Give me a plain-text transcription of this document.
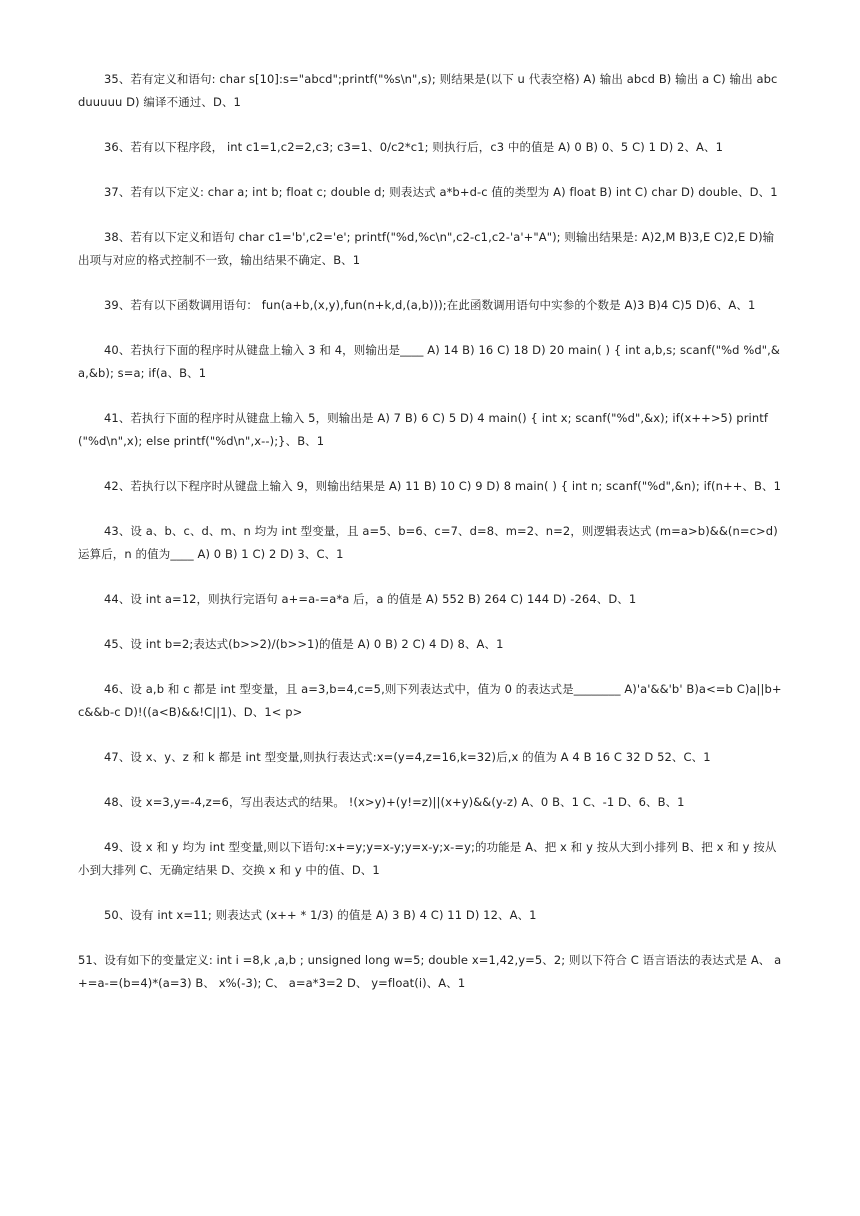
35、若有定义和语句: char s[10]:s="abcd";printf("%s\n",s); 则结果是(以下 u 代表空格) A) 输出 abcd B) 输出 a C) 输出 abcduuuuu D) 编译不通过、D、1

36、若有以下程序段， int c1=1,c2=2,c3; c3=1、0/c2*c1; 则执行后，c3 中的值是 A) 0 B) 0、5 C) 1 D) 2、A、1

37、若有以下定义: char a; int b; float c; double d; 则表达式 a*b+d-c 值的类型为 A) float B) int C) char D) double、D、1

38、若有以下定义和语句 char c1='b',c2='e'; printf("%d,%c\n",c2-c1,c2-'a'+"A"); 则输出结果是: A)2,M B)3,E C)2,E D)输出项与对应的格式控制不一致，输出结果不确定、B、1

39、若有以下函数调用语句： fun(a+b,(x,y),fun(n+k,d,(a,b)));在此函数调用语句中实参的个数是 A)3 B)4 C)5 D)6、A、1

40、若执行下面的程序时从键盘上输入 3 和 4，则输出是____ A) 14 B) 16 C) 18 D) 20 main( ) { int a,b,s; scanf("%d %d",&a,&b); s=a; if(a、B、1

41、若执行下面的程序时从键盘上输入 5，则输出是 A) 7 B) 6 C) 5 D) 4 main() { int x; scanf("%d",&x); if(x++>5) printf("%d\n",x); else printf("%d\n",x--);}、B、1

42、若执行以下程序时从键盘上输入 9，则输出结果是 A) 11 B) 10 C) 9 D) 8 main( ) { int n; scanf("%d",&n); if(n++、B、1

43、设 a、b、c、d、m、n 均为 int 型变量，且 a=5、b=6、c=7、d=8、m=2、n=2，则逻辑表达式 (m=a>b)&&(n=c>d)运算后，n 的值为____ A) 0 B) 1 C) 2 D) 3、C、1

44、设 int a=12，则执行完语句 a+=a-=a*a 后，a 的值是 A) 552 B) 264 C) 144 D) -264、D、1

45、设 int b=2;表达式(b>>2)/(b>>1)的值是 A) 0 B) 2 C) 4 D) 8、A、1

46、设 a,b 和 c 都是 int 型变量，且 a=3,b=4,c=5,则下列表达式中，值为 0 的表达式是________ A)'a'&&'b' B)a<=b C)a||b+c&&b-c D)!((a<B)&&!C||1)、D、1< p>

47、设 x、y、z 和 k 都是 int 型变量,则执行表达式:x=(y=4,z=16,k=32)后,x 的值为 A 4 B 16 C 32 D 52、C、1

48、设 x=3,y=-4,z=6，写出表达式的结果。 !(x>y)+(y!=z)||(x+y)&&(y-z) A、0 B、1 C、-1 D、6、B、1

49、设 x 和 y 均为 int 型变量,则以下语句:x+=y;y=x-y;y=x-y;x-=y;的功能是 A、把 x 和 y 按从大到小排列 B、把 x 和 y 按从小到大排列 C、无确定结果 D、交换 x 和 y 中的值、D、1

50、设有 int x=11; 则表达式 (x++ * 1/3) 的值是 A) 3 B) 4 C) 11 D) 12、A、1

51、设有如下的变量定义: int i =8,k ,a,b ; unsigned long w=5; double x=1,42,y=5、2; 则以下符合 C 语言语法的表达式是 A、 a+=a-=(b=4)*(a=3) B、 x%(-3); C、 a=a*3=2 D、 y=float(i)、A、1
